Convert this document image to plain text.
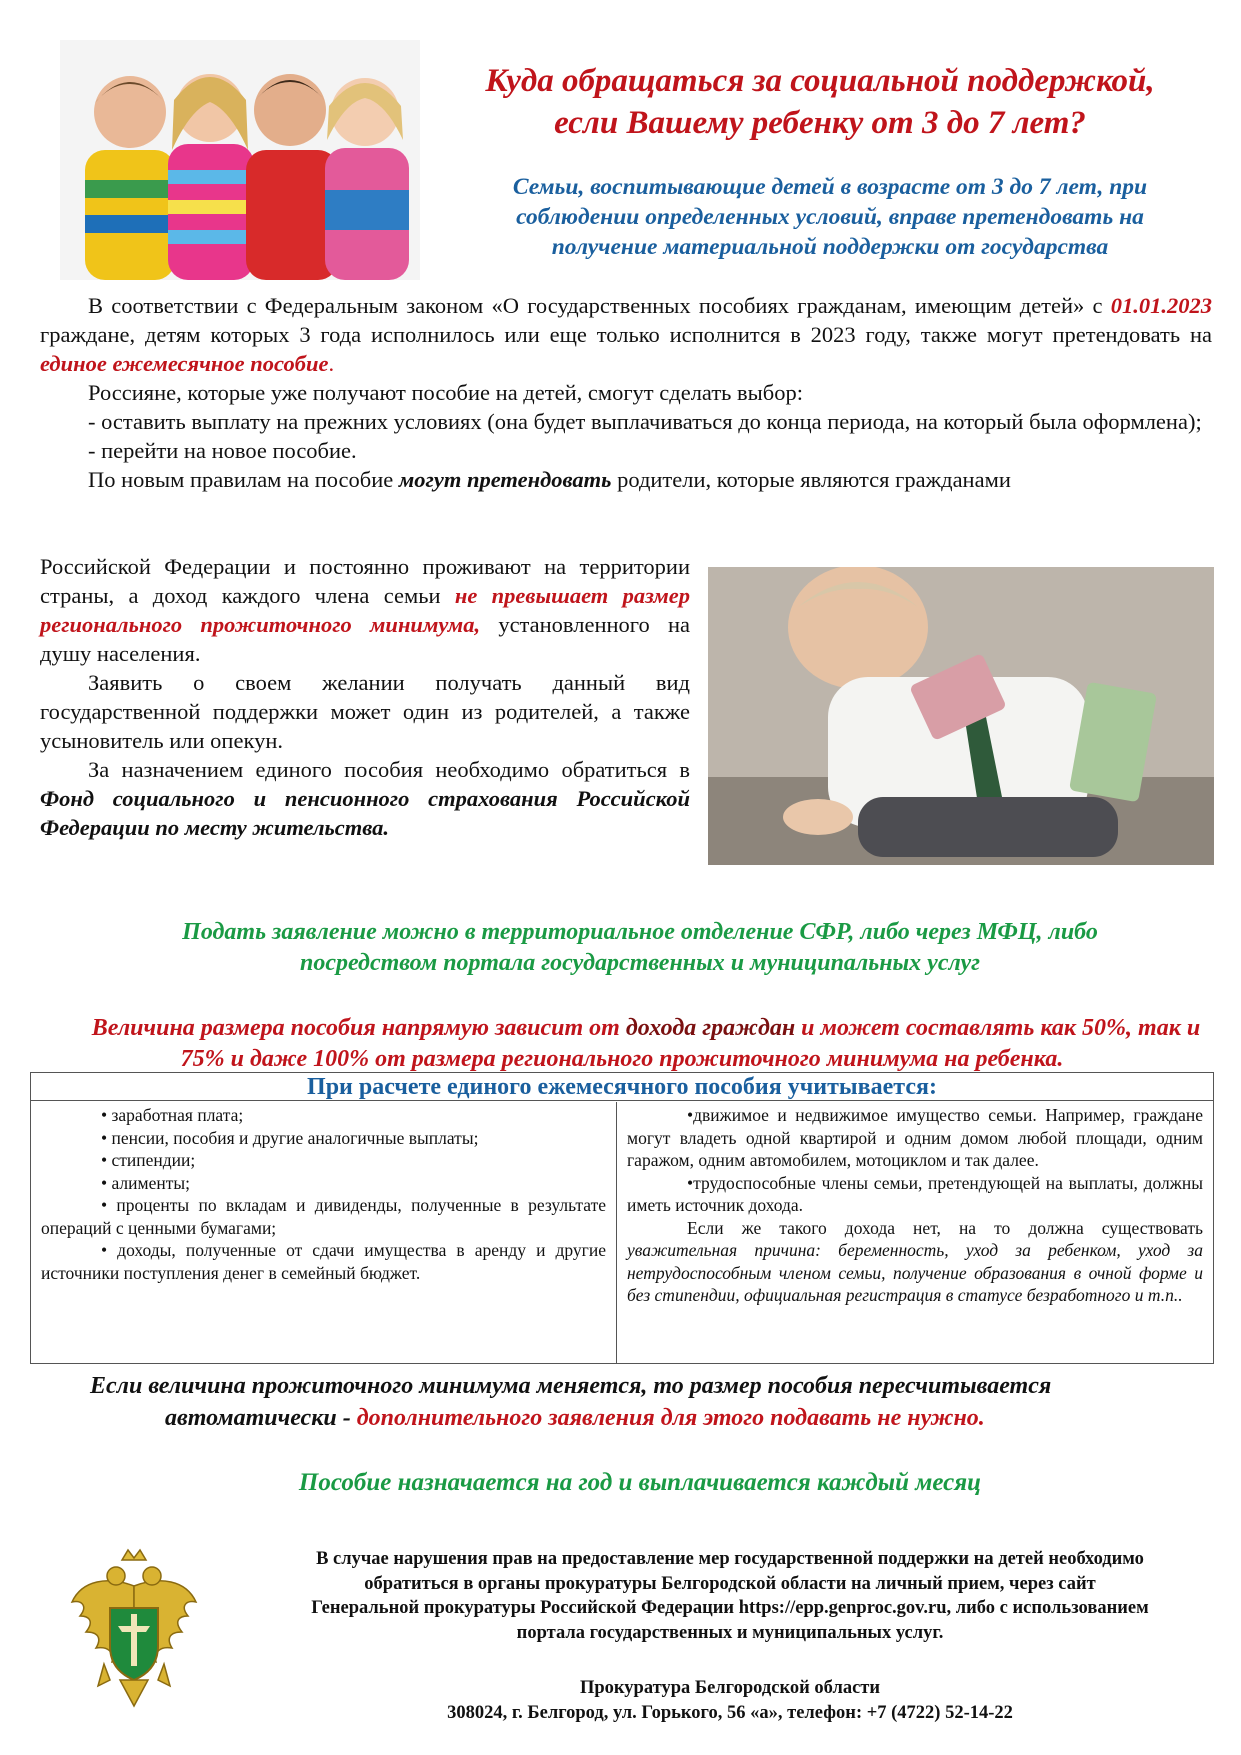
Куда обращаться за социальной поддержкой,
если Вашему ребенку от 3 до 7 лет?
Семьи, воспитывающие детей в возрасте от 3 до 7 лет, при
соблюдении определенных условий, вправе претендовать на
получение материальной поддержки от государства

В соответствии с Федеральным законом «О государственных пособиях гражданам, имеющим детей» с 01.01.2023 граждане, детям которых 3 года исполнилось или еще только исполнится в 2023 году, также могут претендовать на единое ежемесячное пособие.

Россияне, которые уже получают пособие на детей, смогут сделать выбор:

- оставить выплату на прежних условиях (она будет выплачиваться до конца периода, на который была оформлена);

- перейти на новое пособие.

По новым правилам на пособие могут претендовать родители, которые являются гражданами

Российской Федерации и постоянно проживают на территории страны, а доход каждого члена семьи не превышает размер регионального прожиточного минимума, установленного на душу населения.

Заявить о своем желании получать данный вид государственной поддержки может один из родителей, а также усыновитель или опекун.

За назначением единого пособия необходимо обратиться в Фонд социального и пенсионного страхования Российской Федерации по месту жительства.

Подать заявление можно в территориальное отделение СФР, либо через МФЦ, либо
посредством портала государственных и муниципальных услуг
Величина размера пособия напрямую зависит от дохода граждан и может составлять как 50%, так и 75% и даже 100% от размера регионального прожиточного минимума на ребенка.
При расчете единого ежемесячного пособия учитывается:

• заработная плата;

• пенсии, пособия и другие аналогичные выплаты;

• стипендии;

• алименты;

• проценты по вкладам и дивиденды, полученные в результате операций с ценными бумагами;

• доходы, полученные от сдачи имущества в аренду и другие источники поступления денег в семейный бюджет.

•движимое и недвижимое имущество семьи. Например, граждане могут владеть одной квартирой и одним домом любой площади, одним гаражом, одним автомобилем, мотоциклом и так далее.

•трудоспособные члены семьи, претендующей на выплаты, должны иметь источник дохода.

Если же такого дохода нет, на то должна существовать уважительная причина: беременность, уход за ребенком, уход за нетрудоспособным членом семьи, получение образования в очной форме и без стипендии, официальная регистрация в статусе безработного и т.п..

Если величина прожиточного минимума меняется, то размер пособия пересчитывается
автоматически - дополнительного заявления для этого подавать не нужно.
Пособие назначается на год и выплачивается каждый месяц
В случае нарушения прав на предоставление мер государственной поддержки на детей необходимо
обратиться в органы прокуратуры Белгородской области на личный прием, через сайт
Генеральной прокуратуры Российской Федерации https://epp.genproc.gov.ru, либо с использованием
портала государственных и муниципальных услуг.
Прокуратура Белгородской области
308024, г. Белгород, ул. Горького, 56 «а», телефон: +7 (4722) 52-14-22
